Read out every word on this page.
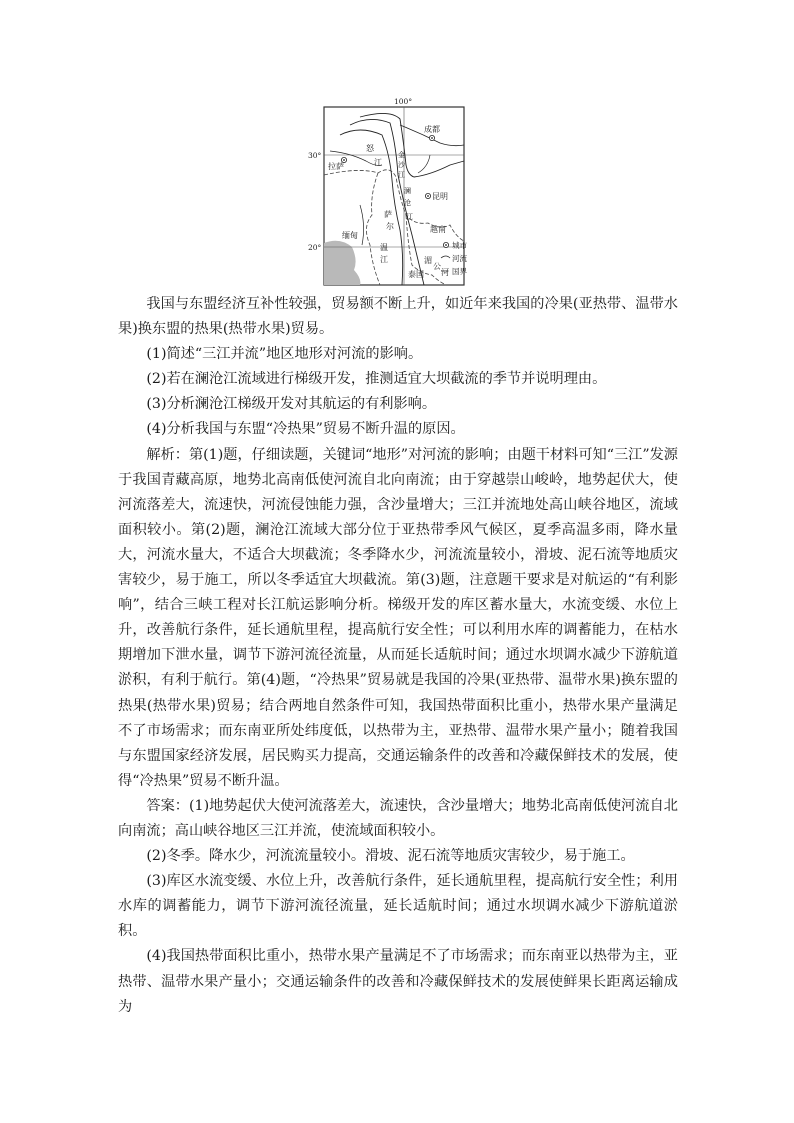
100°
30°
20°
拉萨
成都
昆明
怒
江
金
沙
江
澜
沧
江
萨
尔
温
江
缅甸
越南
泰国
湄
公
河
城市
河流
国界

我国与东盟经济互补性较强，贸易额不断上升，如近年来我国的冷果(亚热带、温带水果)换东盟的热果(热带水果)贸易。

(1)简述“三江并流”地区地形对河流的影响。

(2)若在澜沧江流域进行梯级开发，推测适宜大坝截流的季节并说明理由。

(3)分析澜沧江梯级开发对其航运的有利影响。

(4)分析我国与东盟“冷热果”贸易不断升温的原因。

解析：第(1)题，仔细读题，关键词“地形”对河流的影响；由题干材料可知“三江”发源于我国青藏高原，地势北高南低使河流自北向南流；由于穿越崇山峻岭，地势起伏大，使河流落差大，流速快，河流侵蚀能力强，含沙量增大；三江并流地处高山峡谷地区，流域面积较小。第(2)题，澜沧江流域大部分位于亚热带季风气候区，夏季高温多雨，降水量大，河流水量大，不适合大坝截流；冬季降水少，河流流量较小，滑坡、泥石流等地质灾害较少，易于施工，所以冬季适宜大坝截流。第(3)题，注意题干要求是对航运的“有利影响”，结合三峡工程对长江航运影响分析。梯级开发的库区蓄水量大，水流变缓、水位上升，改善航行条件，延长通航里程，提高航行安全性；可以利用水库的调蓄能力，在枯水期增加下泄水量，调节下游河流径流量，从而延长适航时间；通过水坝调水减少下游航道淤积，有利于航行。第(4)题，“冷热果”贸易就是我国的冷果(亚热带、温带水果)换东盟的热果(热带水果)贸易；结合两地自然条件可知，我国热带面积比重小，热带水果产量满足不了市场需求；而东南亚所处纬度低，以热带为主，亚热带、温带水果产量小；随着我国与东盟国家经济发展，居民购买力提高，交通运输条件的改善和冷藏保鲜技术的发展，使得“冷热果”贸易不断升温。

答案：(1)地势起伏大使河流落差大，流速快，含沙量增大；地势北高南低使河流自北向南流；高山峡谷地区三江并流，使流域面积较小。

(2)冬季。降水少，河流流量较小。滑坡、泥石流等地质灾害较少，易于施工。

(3)库区水流变缓、水位上升，改善航行条件，延长通航里程，提高航行安全性；利用水库的调蓄能力，调节下游河流径流量，延长适航时间；通过水坝调水减少下游航道淤积。

(4)我国热带面积比重小，热带水果产量满足不了市场需求；而东南亚以热带为主，亚热带、温带水果产量小；交通运输条件的改善和冷藏保鲜技术的发展使鲜果长距离运输成为
